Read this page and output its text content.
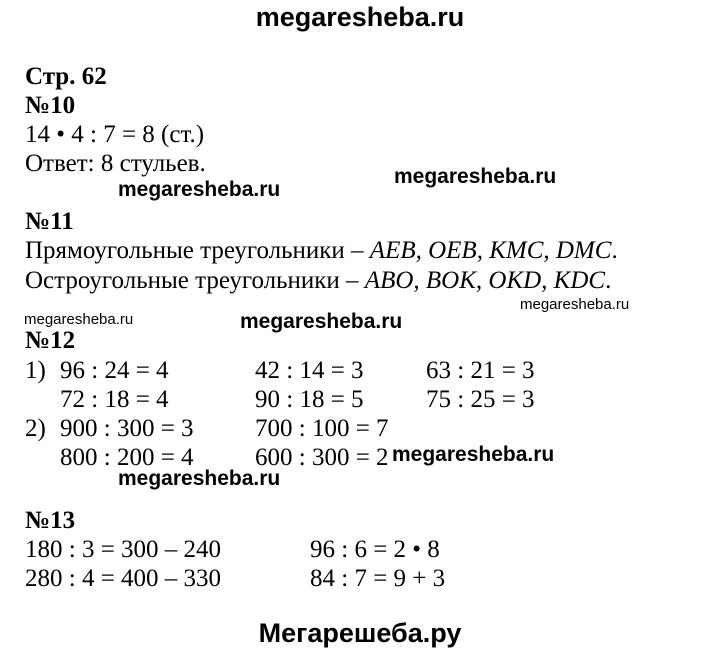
megaresheba.ru
megaresheba.ru
megaresheba.ru
megaresheba.ru
megaresheba.ru	megaresheba.ru
megaresheba.ru
megaresheba.ru
Мегарешеба.ру
Стр. 62
№10
14 • 4 : 7 = 8 (ст.)
Ответ: 8 стульев.
№11
Прямоугольные треугольники – AEB, OEB, KMC, DMC.
Остроугольные треугольники – ABO, BOK, OKD, KDC.
№12
1) 96 : 24 = 4	42 : 14 = 3 63 : 21 = 3
72 : 18 = 4	90 : 18 = 5 75 : 25 = 3
2) 900 : 300 = 3 700 : 100 = 7
800 : 200 = 4 600 : 300 = 2
№13
180 : 3 = 300 – 240	96 : 6 = 2 • 8
280 : 4 = 400 – 330	84 : 7 = 9 + 3
